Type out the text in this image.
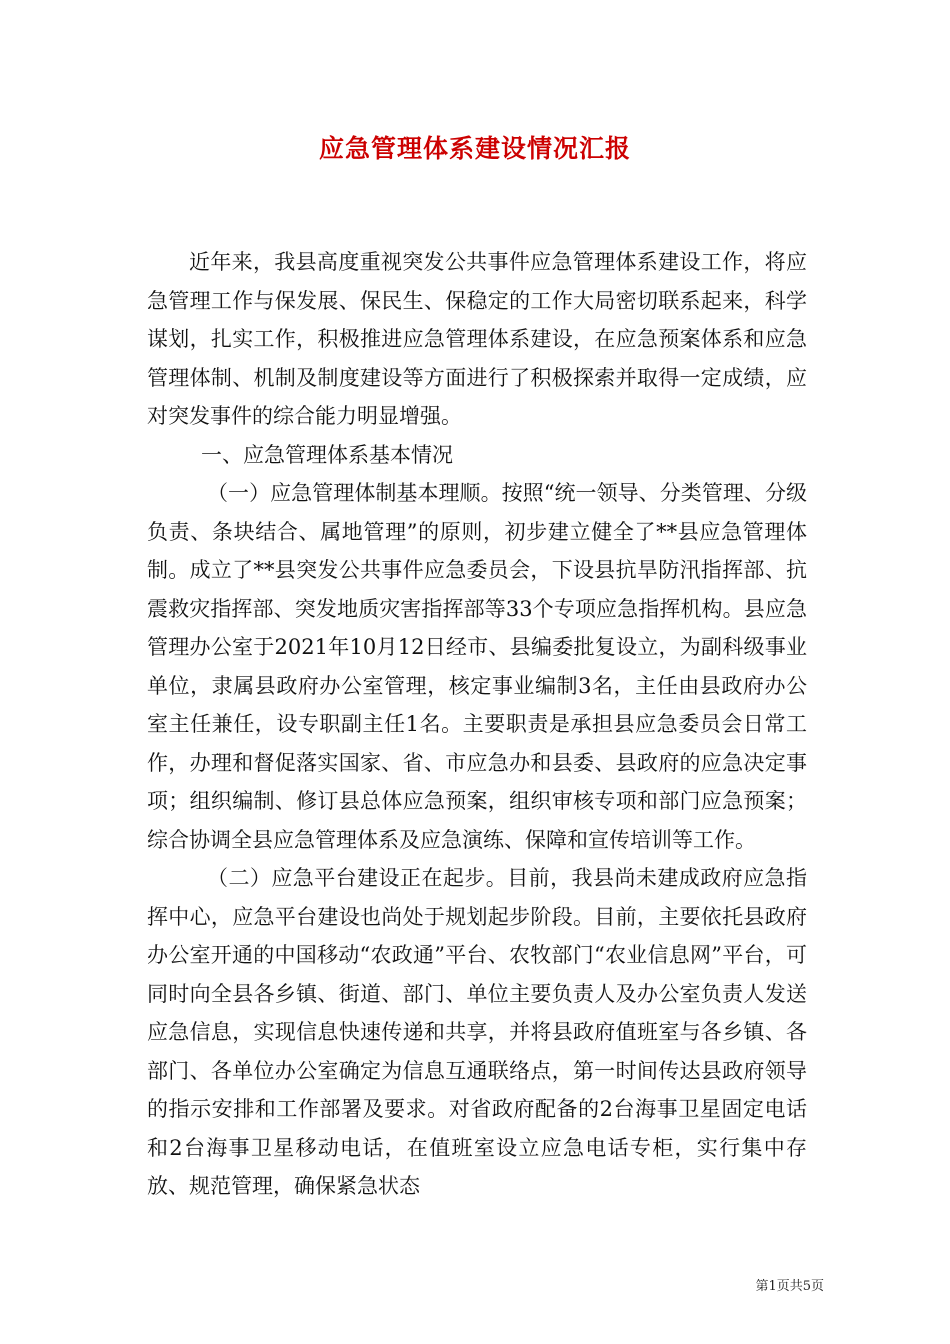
应急管理体系建设情况汇报

近年来，我县高度重视突发公共事件应急管理体系建设工作，将应急管理工作与保发展、保民生、保稳定的工作大局密切联系起来，科学谋划，扎实工作，积极推进应急管理体系建设，在应急预案体系和应急管理体制、机制及制度建设等方面进行了积极探索并取得一定成绩，应对突发事件的综合能力明显增强。

一、应急管理体系基本情况

（一）应急管理体制基本理顺。按照“统一领导、分类管理、分级负责、条块结合、属地管理”的原则，初步建立健全了**县应急管理体制。成立了**县突发公共事件应急委员会，下设县抗旱防汛指挥部、抗震救灾指挥部、突发地质灾害指挥部等33个专项应急指挥机构。县应急管理办公室于2021年10月12日经市、县编委批复设立，为副科级事业单位，隶属县政府办公室管理，核定事业编制3名，主任由县政府办公室主任兼任，设专职副主任1名。主要职责是承担县应急委员会日常工作，办理和督促落实国家、省、市应急办和县委、县政府的应急决定事项；组织编制、修订县总体应急预案，组织审核专项和部门应急预案；综合协调全县应急管理体系及应急演练、保障和宣传培训等工作。

（二）应急平台建设正在起步。目前，我县尚未建成政府应急指挥中心，应急平台建设也尚处于规划起步阶段。目前，主要依托县政府办公室开通的中国移动“农政通”平台、农牧部门“农业信息网”平台，可同时向全县各乡镇、街道、部门、单位主要负责人及办公室负责人发送应急信息，实现信息快速传递和共享，并将县政府值班室与各乡镇、各部门、各单位办公室确定为信息互通联络点，第一时间传达县政府领导的指示安排和工作部署及要求。对省政府配备的2台海事卫星固定电话和2台海事卫星移动电话，在值班室设立应急电话专柜，实行集中存放、规范管理，确保紧急状态

第1页共5页
